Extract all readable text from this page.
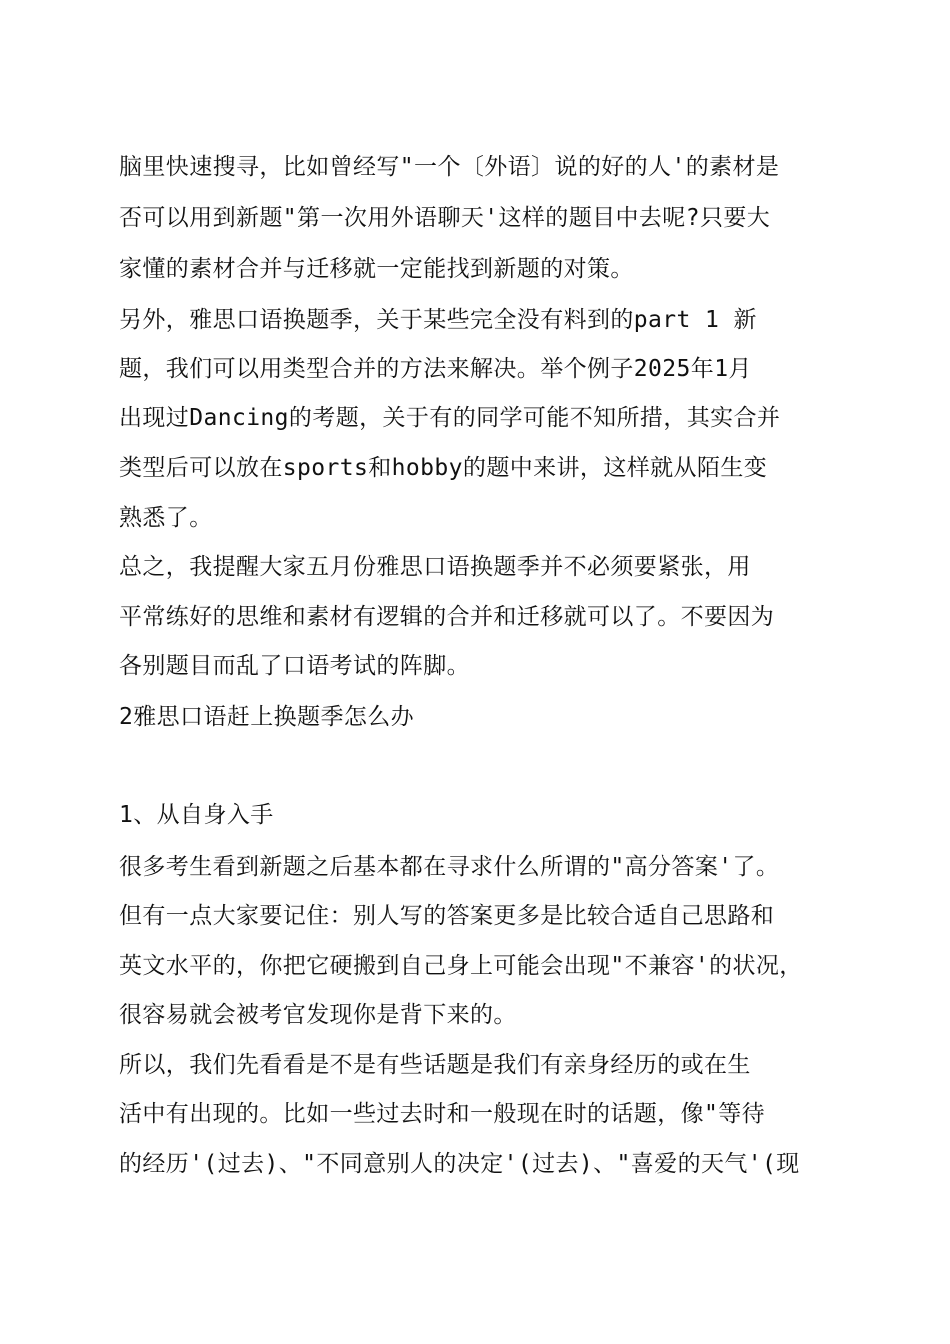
脑里快速搜寻，比如曾经写"一个〔外语〕说的好的人'的素材是
否可以用到新题"第一次用外语聊天'这样的题目中去呢?只要大
家懂的素材合并与迁移就一定能找到新题的对策。
另外，雅思口语换题季，关于某些完全没有料到的part 1 新
题，我们可以用类型合并的方法来解决。举个例子2025年1月
出现过Dancing的考题，关于有的同学可能不知所措，其实合并
类型后可以放在sports和hobby的题中来讲，这样就从陌生变
熟悉了。
总之，我提醒大家五月份雅思口语换题季并不必须要紧张，用
平常练好的思维和素材有逻辑的合并和迁移就可以了。不要因为
各别题目而乱了口语考试的阵脚。
2雅思口语赶上换题季怎么办
1、从自身入手
很多考生看到新题之后基本都在寻求什么所谓的"高分答案'了。
但有一点大家要记住：别人写的答案更多是比较合适自己思路和
英文水平的，你把它硬搬到自己身上可能会出现"不兼容'的状况，
很容易就会被考官发现你是背下来的。
所以，我们先看看是不是有些话题是我们有亲身经历的或在生
活中有出现的。比如一些过去时和一般现在时的话题，像"等待
的经历'(过去)、"不同意别人的决定'(过去)、"喜爱的天气'(现
